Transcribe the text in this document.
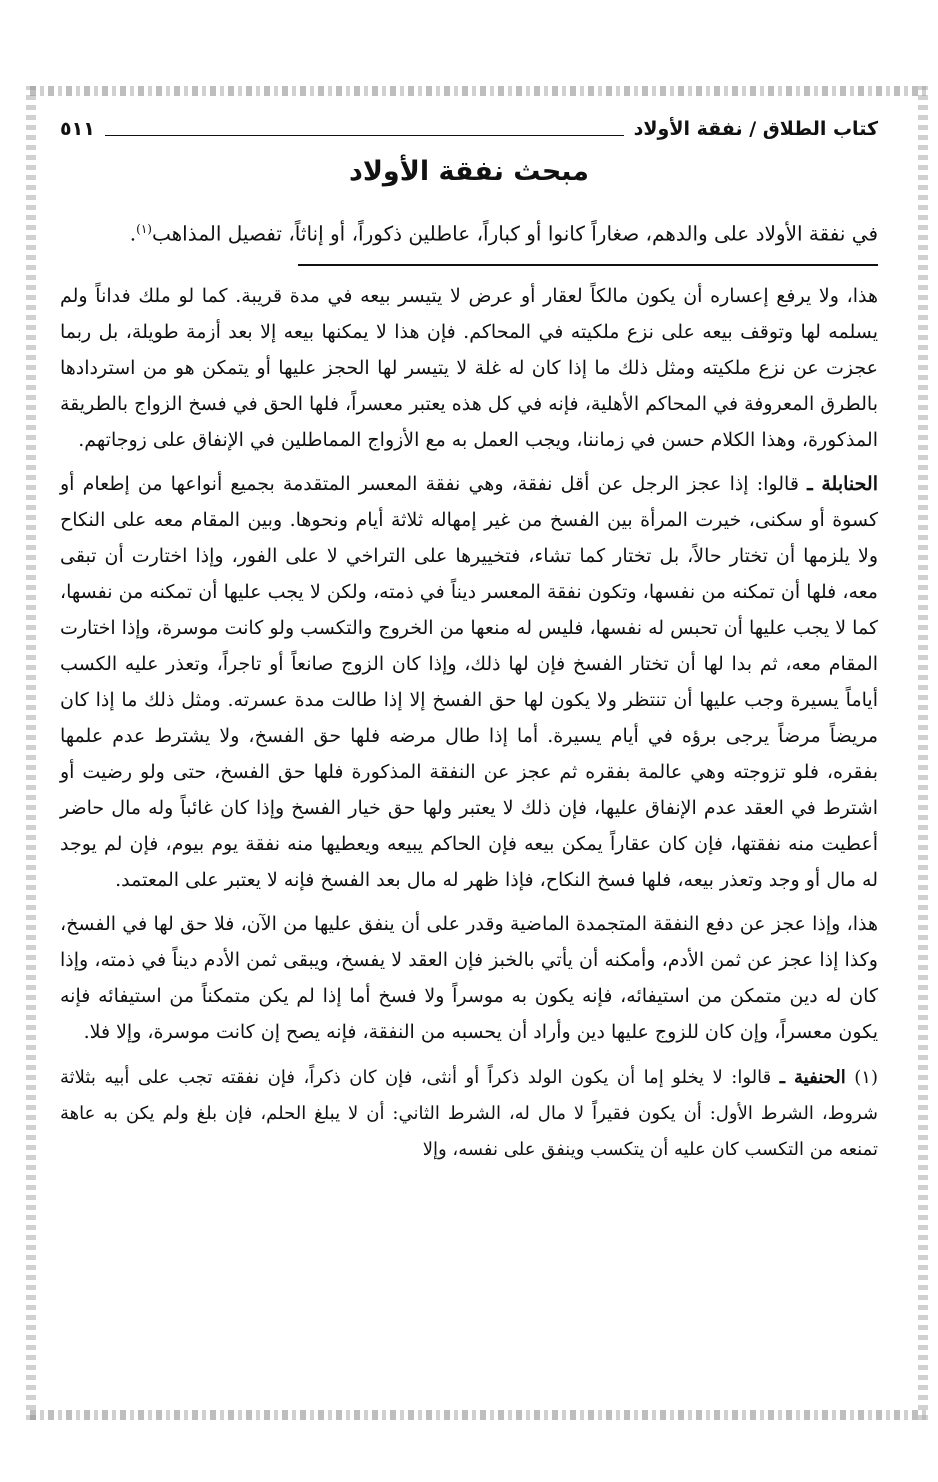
كتاب الطلاق / نفقة الأولاد
٥١١
مبحث نفقة الأولاد

في نفقة الأولاد على والدهم، صغاراً كانوا أو كباراً، عاطلين ذكوراً، أو إناثاً، تفصيل المذاهب$^{(١)}$.

هذا، ولا يرفع إعساره أن يكون مالكاً لعقار أو عرض لا يتيسر بيعه في مدة قريبة. كما لو ملك فداناً ولم يسلمه لها وتوقف بيعه على نزع ملكيته في المحاكم. فإن هذا لا يمكنها بيعه إلا بعد أزمة طويلة، بل ربما عجزت عن نزع ملكيته ومثل ذلك ما إذا كان له غلة لا يتيسر لها الحجز عليها أو يتمكن هو من استردادها بالطرق المعروفة في المحاكم الأهلية، فإنه في كل هذه يعتبر معسراً، فلها الحق في فسخ الزواج بالطريقة المذكورة، وهذا الكلام حسن في زماننا، ويجب العمل به مع الأزواج المماطلين في الإنفاق على زوجاتهم.

الحنابلة ـ قالوا: إذا عجز الرجل عن أقل نفقة، وهي نفقة المعسر المتقدمة بجميع أنواعها من إطعام أو كسوة أو سكنى، خيرت المرأة بين الفسخ من غير إمهاله ثلاثة أيام ونحوها. وبين المقام معه على النكاح ولا يلزمها أن تختار حالاً، بل تختار كما تشاء، فتخييرها على التراخي لا على الفور، وإذا اختارت أن تبقى معه، فلها أن تمكنه من نفسها، وتكون نفقة المعسر ديناً في ذمته، ولكن لا يجب عليها أن تمكنه من نفسها، كما لا يجب عليها أن تحبس له نفسها، فليس له منعها من الخروج والتكسب ولو كانت موسرة، وإذا اختارت المقام معه، ثم بدا لها أن تختار الفسخ فإن لها ذلك، وإذا كان الزوج صانعاً أو تاجراً، وتعذر عليه الكسب أياماً يسيرة وجب عليها أن تنتظر ولا يكون لها حق الفسخ إلا إذا طالت مدة عسرته. ومثل ذلك ما إذا كان مريضاً مرضاً يرجى برؤه في أيام يسيرة. أما إذا طال مرضه فلها حق الفسخ، ولا يشترط عدم علمها بفقره، فلو تزوجته وهي عالمة بفقره ثم عجز عن النفقة المذكورة فلها حق الفسخ، حتى ولو رضيت أو اشترط في العقد عدم الإنفاق عليها، فإن ذلك لا يعتبر ولها حق خيار الفسخ وإذا كان غائباً وله مال حاضر أعطيت منه نفقتها، فإن كان عقاراً يمكن بيعه فإن الحاكم يبيعه ويعطيها منه نفقة يوم بيوم، فإن لم يوجد له مال أو وجد وتعذر بيعه، فلها فسخ النكاح، فإذا ظهر له مال بعد الفسخ فإنه لا يعتبر على المعتمد.

هذا، وإذا عجز عن دفع النفقة المتجمدة الماضية وقدر على أن ينفق عليها من الآن، فلا حق لها في الفسخ، وكذا إذا عجز عن ثمن الأدم، وأمكنه أن يأتي بالخبز فإن العقد لا يفسخ، ويبقى ثمن الأدم ديناً في ذمته، وإذا كان له دين متمكن من استيفائه، فإنه يكون به موسراً ولا فسخ أما إذا لم يكن متمكناً من استيفائه فإنه يكون معسراً، وإن كان للزوج عليها دين وأراد أن يحسبه من النفقة، فإنه يصح إن كانت موسرة، وإلا فلا.

(١) الحنفية ـ قالوا: لا يخلو إما أن يكون الولد ذكراً أو أنثى، فإن كان ذكراً، فإن نفقته تجب على أبيه بثلاثة شروط، الشرط الأول: أن يكون فقيراً لا مال له، الشرط الثاني: أن لا يبلغ الحلم، فإن بلغ ولم يكن به عاهة تمنعه من التكسب كان عليه أن يتكسب وينفق على نفسه، وإلا
